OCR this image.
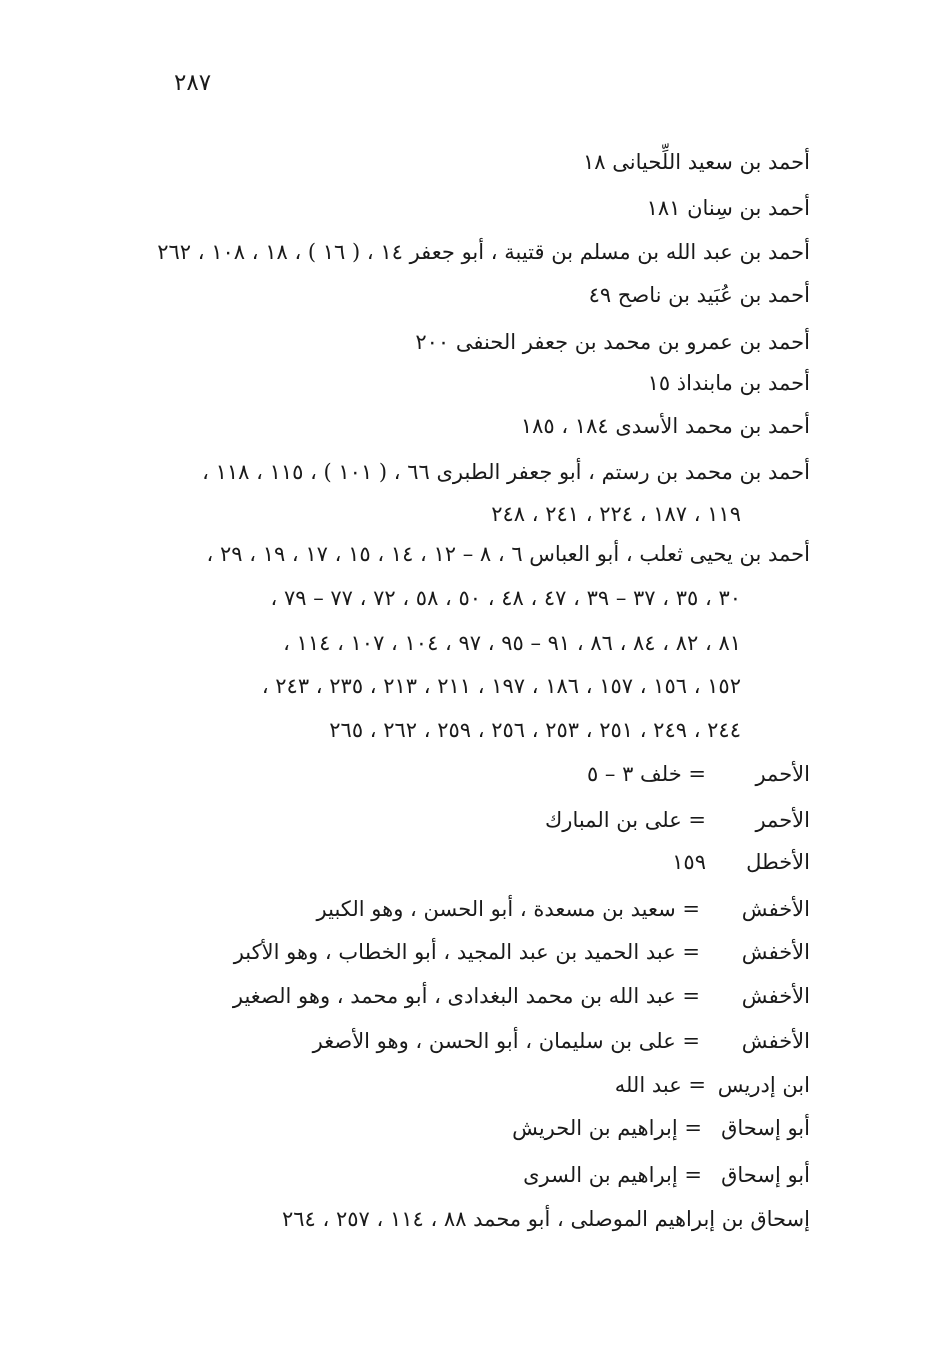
٢٨٧
أحمد بن سعيد اللِّحيانى ١٨
أحمد بن سِنان ١٨١
أحمد بن عبد الله بن مسلم بن قتيبة ، أبو جعفر ١٤ ، ( ١٦ ) ، ١٨ ، ١٠٨ ، ٢٦٢
أحمد بن عُبَيد بن ناصح ٤٩
أحمد بن عمرو بن محمد بن جعفر الحنفى ٢٠٠
أحمد بن مابنداذ ١٥
أحمد بن محمد الأسدى ١٨٤ ، ١٨٥
أحمد بن محمد بن رستم ، أبو جعفر الطبرى ٦٦ ، ( ١٠١ ) ، ١١٥ ، ١١٨ ،
١١٩ ، ١٨٧ ، ٢٢٤ ، ٢٤١ ، ٢٤٨
أحمد بن يحيى ثعلب ، أبو العباس ٦ ، ٨ – ١٢ ، ١٤ ، ١٥ ، ١٧ ، ١٩ ، ٢٩ ،
٣٠ ، ٣٥ ، ٣٧ – ٣٩ ، ٤٧ ، ٤٨ ، ٥٠ ، ٥٨ ، ٧٢ ، ٧٧ – ٧٩ ،
٨١ ، ٨٢ ، ٨٤ ، ٨٦ ، ٩١ – ٩٥ ، ٩٧ ، ١٠٤ ، ١٠٧ ، ١١٤ ،
١٥٢ ، ١٥٦ ، ١٥٧ ، ١٨٦ ، ١٩٧ ، ٢١١ ، ٢١٣ ، ٢٣٥ ، ٢٤٣ ،
٢٤٤ ، ٢٤٩ ، ٢٥١ ، ٢٥٣ ، ٢٥٦ ، ٢٥٩ ، ٢٦٢ ، ٢٦٥
الأحمر= خلف ٣ – ٥
الأحمر= على بن المبارك
الأخطل١٥٩
الأخفش= سعيد بن مسعدة ، أبو الحسن ، وهو الكبير
الأخفش= عبد الحميد بن عبد المجيد ، أبو الخطاب ، وهو الأكبر
الأخفش= عبد الله بن محمد البغدادى ، أبو محمد ، وهو الصغير
الأخفش= على بن سليمان ، أبو الحسن ، وهو الأصغر
ابن إدريس= عبد الله
أبو إسحاق= إبراهيم بن الحريش
أبو إسحاق= إبراهيم بن السرى
إسحاق بن إبراهيم الموصلى ، أبو محمد ٨٨ ، ١١٤ ، ٢٥٧ ، ٢٦٤
